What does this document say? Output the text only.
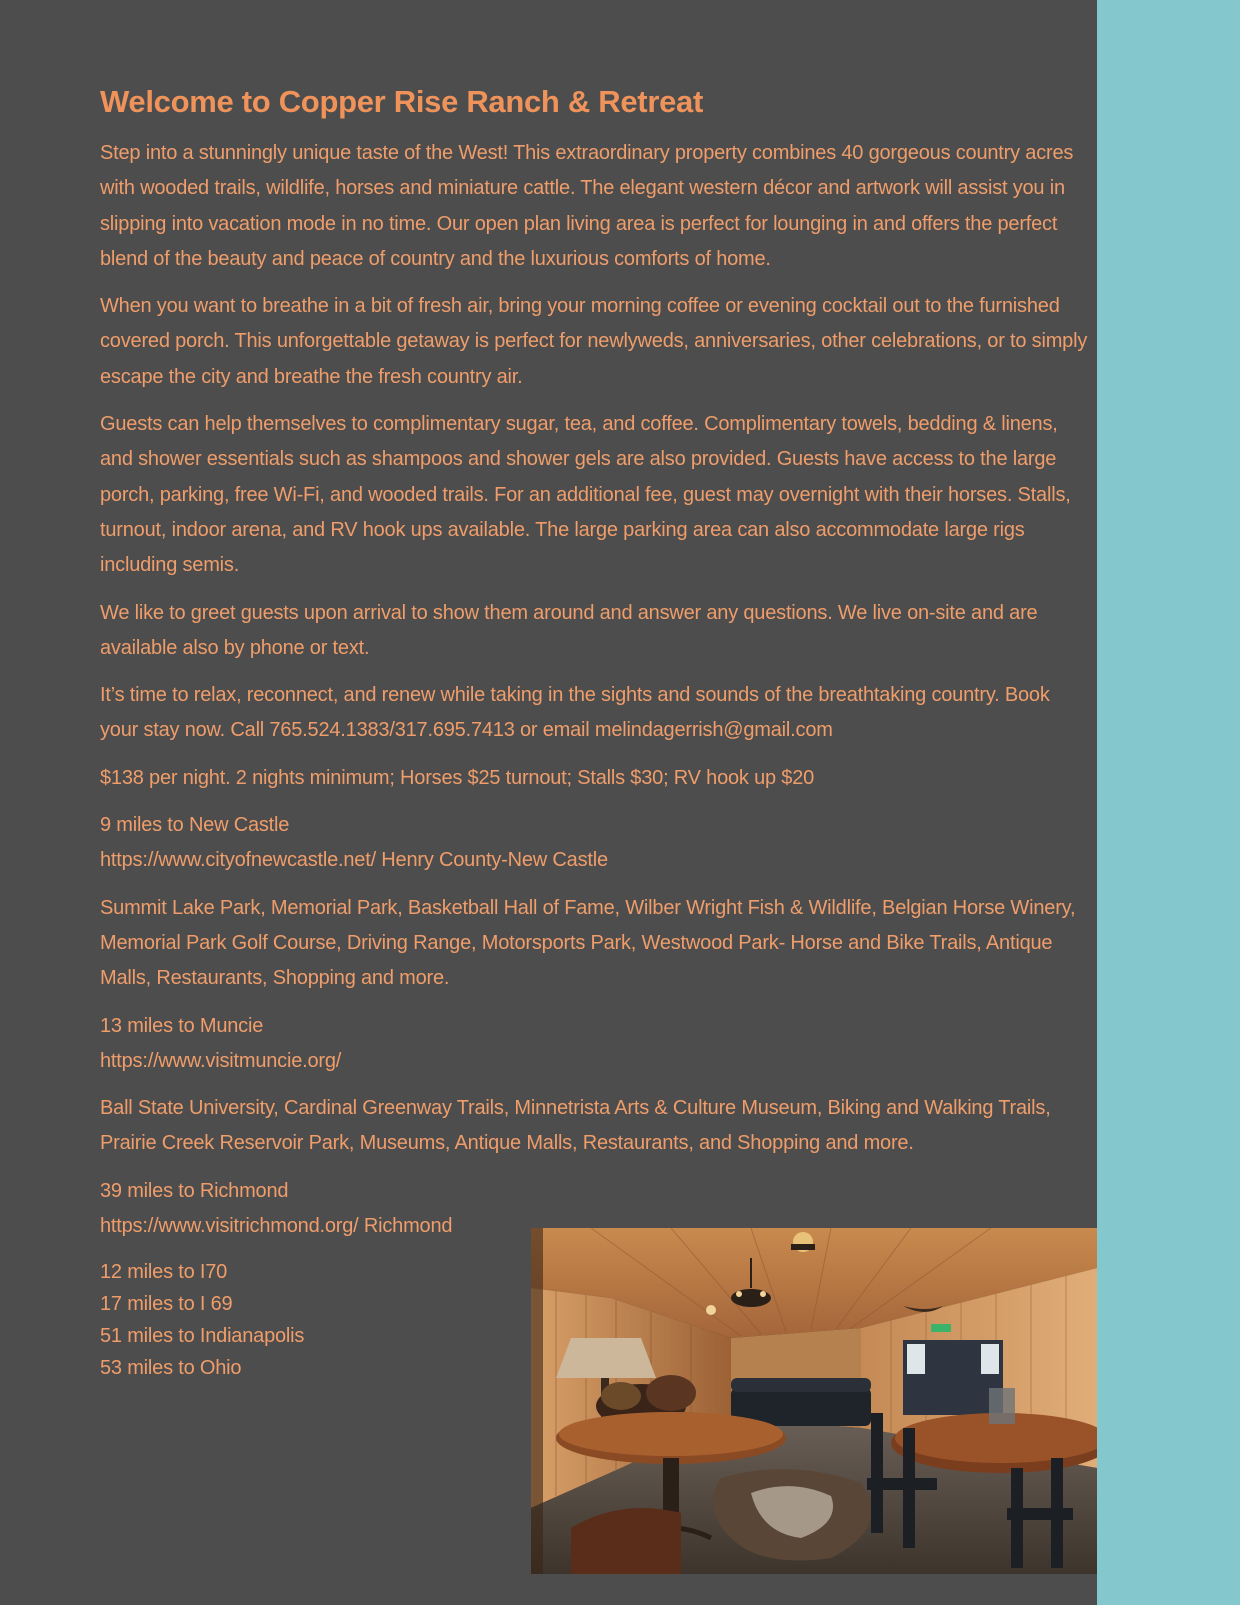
Welcome to Copper Rise Ranch & Retreat

Step into a stunningly unique taste of the West! This extraordinary property combines 40 gorgeous country acres with wooded trails, wildlife, horses and miniature cattle. The elegant western décor and artwork will assist you in slipping into vacation mode in no time. Our open plan living area is perfect for lounging in and offers the perfect blend of the beauty and peace of country and the luxurious comforts of home.

When you want to breathe in a bit of fresh air, bring your morning coffee or evening cocktail out to the furnished covered porch. This unforgettable getaway is perfect for newlyweds, anniversaries, other celebrations, or to simply escape the city and breathe the fresh country air.

Guests can help themselves to complimentary sugar, tea, and coffee. Complimentary towels, bedding & linens, and shower essentials such as shampoos and shower gels are also provided. Guests have access to the large porch, parking, free Wi-Fi, and wooded trails. For an additional fee, guest may overnight with their horses. Stalls, turnout, indoor arena, and RV hook ups available. The large parking area can also accommodate large rigs including semis.

We like to greet guests upon arrival to show them around and answer any questions. We live on-site and are available also by phone or text.

It’s time to relax, reconnect, and renew while taking in the sights and sounds of the breathtaking country. Book your stay now. Call 765.524.1383/317.695.7413 or email melindagerrish@gmail.com

$138 per night. 2 nights minimum; Horses $25 turnout; Stalls $30; RV hook up $20

9 miles to New Castle
https://www.cityofnewcastle.net/ Henry County-New Castle

Summit Lake Park, Memorial Park, Basketball Hall of Fame, Wilber Wright Fish & Wildlife, Belgian Horse Winery, Memorial Park Golf Course, Driving Range, Motorsports Park, Westwood Park- Horse and Bike Trails, Antique Malls, Restaurants, Shopping and more.

13 miles to Muncie
https://www.visitmuncie.org/

Ball State University, Cardinal Greenway Trails, Minnetrista Arts & Culture Museum, Biking and Walking Trails, Prairie Creek Reservoir Park, Museums, Antique Malls, Restaurants, and Shopping and more.

39 miles to Richmond
https://www.visitrichmond.org/ Richmond
12 miles to I70
17 miles to I 69
51 miles to Indianapolis
53 miles to Ohio
